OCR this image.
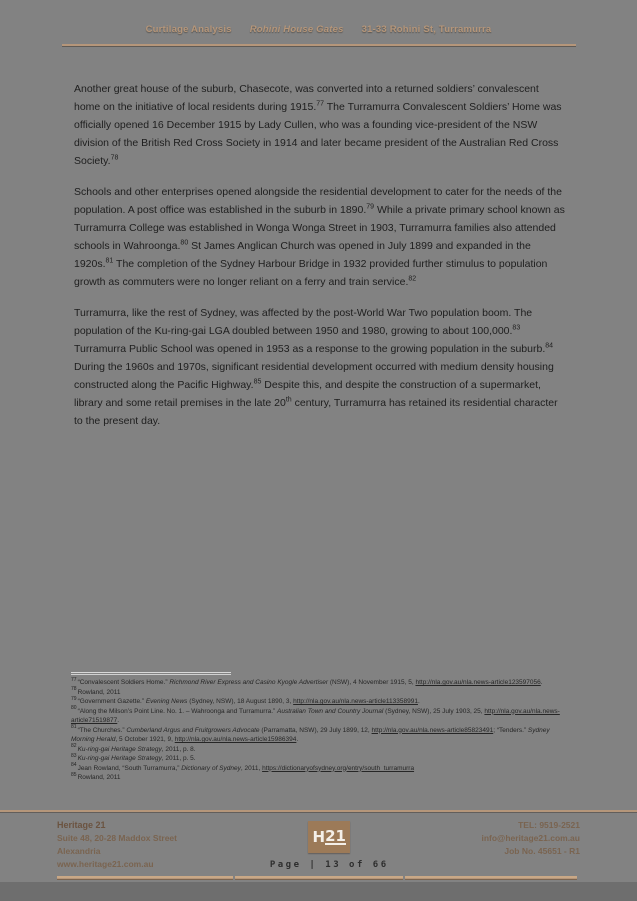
Curtilage Analysis Rohini House Gates 31-33 Rohini St, Turramurra

Another great house of the suburb, Chasecote, was converted into a returned soldiers’ convalescent home on the initiative of local residents during 1915.77 The Turramurra Convalescent Soldiers’ Home was officially opened 16 December 1915 by Lady Cullen, who was a founding vice-president of the NSW division of the British Red Cross Society in 1914 and later became president of the Australian Red Cross Society.$^{78}$

Schools and other enterprises opened alongside the residential development to cater for the needs of the population. A post office was established in the suburb in 1890.79 While a private primary school known as Turramurra College was established in Wonga Wonga Street in 1903, Turramurra families also attended schools in Wahroonga.$^{80}$ St James Anglican Church was opened in July 1899 and expanded in the 1920s.$^{81}$ The completion of the Sydney Harbour Bridge in 1932 provided further stimulus to population growth as commuters were no longer reliant on a ferry and train service.$^{82}$

Turramurra, like the rest of Sydney, was affected by the post-World War Two population boom. The population of the Ku-ring-gai LGA doubled between 1950 and 1980, growing to about 100,000.83 Turramurra Public School was opened in 1953 as a response to the growing population in the suburb.$^{84}$ During the 1960s and 1970s, significant residential development occurred with medium density housing constructed along the Pacific Highway.$^{85}$ Despite this, and despite the construction of a supermarket, library and some retail premises in the late 20th century, Turramurra has retained its residential character to the present day.

$^{77}$“Convalescent Soldiers Home.” Richmond River Express and Casino Kyogle Advertiser (NSW), 4 November 1915, 5, http://nla.gov.au/nla.news-article123597056.
$^{78}$Rowland, 2011
$^{79}$“Government Gazette.” Evening News (Sydney, NSW), 18 August 1890, 3, http://nla.gov.au/nla.news-article113358991.
$^{80}$“Along the Milson’s Point Line. No. 1. – Wahroonga and Turramurra.” Australian Town and Country Journal (Sydney, NSW), 25 July 1903, 25, http://nla.gov.au/nla.news-article71519877.
$^{81}$“The Churches.” Cumberland Argus and Fruitgrowers Advocate (Parramatta, NSW), 29 July 1899, 12, http://nla.gov.au/nla.news-article85823491; “Tenders.” Sydney Morning Herald, 5 October 1921, 9, http://nla.gov.au/nla.news-article15986394.
$^{82}$Ku-ring-gai Heritage Strategy, 2011, p. 8.
$^{83}$Ku-ring-gai Heritage Strategy, 2011, p. 5.
$^{84}$Jean Rowland, “South Turramurra,” Dictionary of Sydney, 2011, https://dictionaryofsydney.org/entry/south_turramurra
$^{85}$Rowland, 2011
Heritage 21
Suite 48, 20-28 Maddox Street
Alexandria
www.heritage21.com.au
H 21
Page | 13 of 66
TEL: 9519-2521
info@heritage21.com.au
Job No. 45651 - R1
